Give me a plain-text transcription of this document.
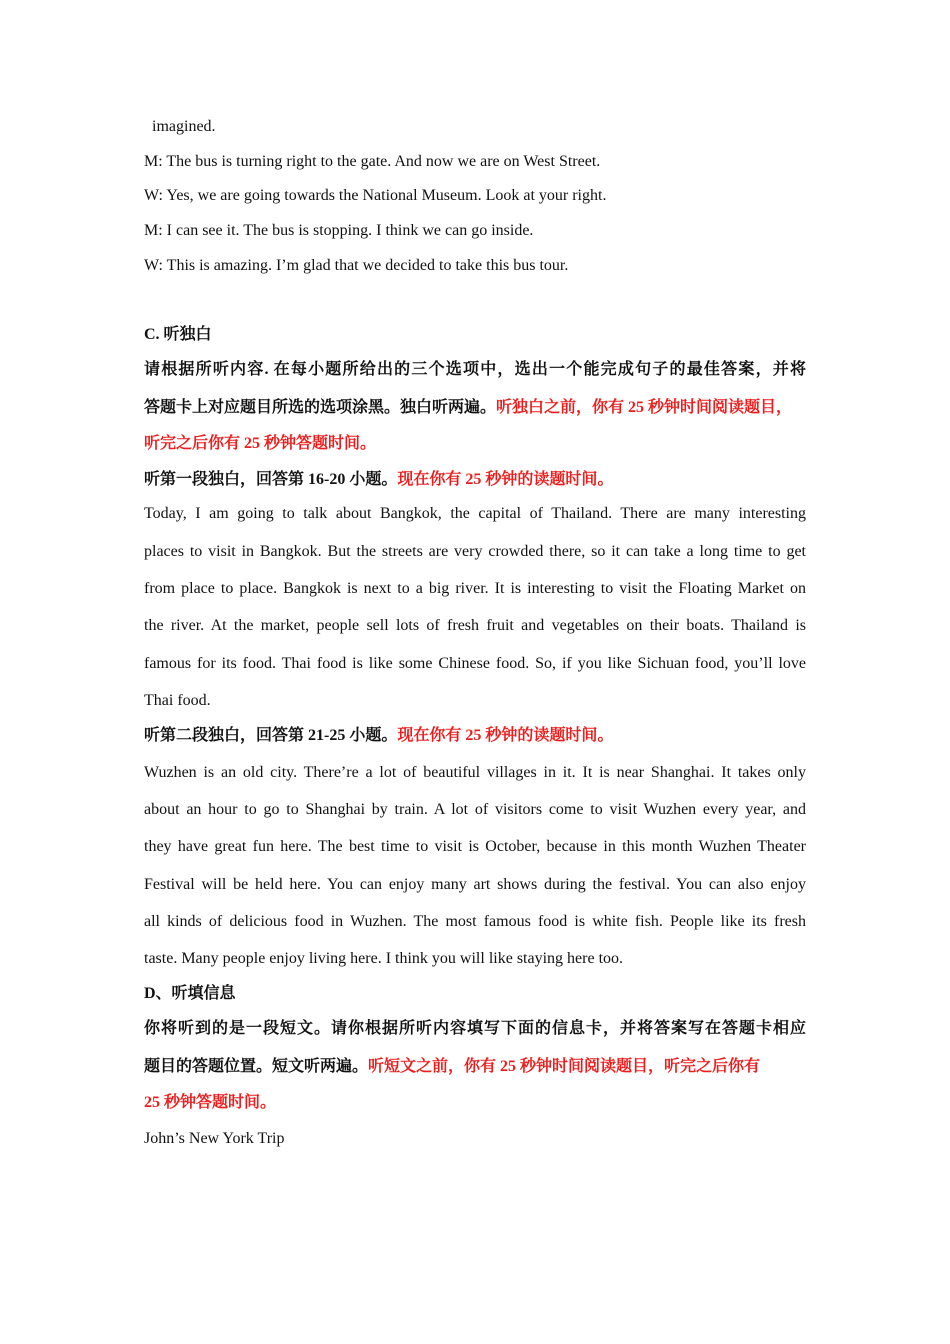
imagined.
M: The bus is turning right to the gate. And now we are on West Street.
W: Yes, we are going towards the National Museum. Look at your right.
M: I can see it. The bus is stopping. I think we can go inside.
W: This is amazing. I’m glad that we decided to take this bus tour.
C. 听独白
请根据所听内容. 在每小题所给出的三个选项中，选出一个能完成句子的最佳答案，并将
答题卡上对应题目所选的选项涂黑。独白听两遍。听独白之前，你有 25 秒钟时间阅读题目，
听完之后你有 25 秒钟答题时间。
听第一段独白，回答第 16-20 小题。现在你有 25 秒钟的读题时间。
Today, I am going to talk about Bangkok, the capital of Thailand. There are many interesting
places to visit in Bangkok. But the streets are very crowded there, so it can take a long time to get
from place to place. Bangkok is next to a big river. It is interesting to visit the Floating Market on
the river. At the market, people sell lots of fresh fruit and vegetables on their boats. Thailand is
famous for its food. Thai food is like some Chinese food. So, if you like Sichuan food, you’ll love
Thai food.
听第二段独白，回答第 21-25 小题。现在你有 25 秒钟的读题时间。
Wuzhen is an old city. There’re a lot of beautiful villages in it. It is near Shanghai. It takes only
about an hour to go to Shanghai by train. A lot of visitors come to visit Wuzhen every year, and
they have great fun here. The best time to visit is October, because in this month Wuzhen Theater
Festival will be held here. You can enjoy many art shows during the festival. You can also enjoy
all kinds of delicious food in Wuzhen. The most famous food is white fish. People like its fresh
taste. Many people enjoy living here. I think you will like staying here too.
D、听填信息
你将听到的是一段短文。请你根据所听内容填写下面的信息卡，并将答案写在答题卡相应
题目的答题位置。短文听两遍。听短文之前，你有 25 秒钟时间阅读题目，听完之后你有
25 秒钟答题时间。
John’s New York Trip
